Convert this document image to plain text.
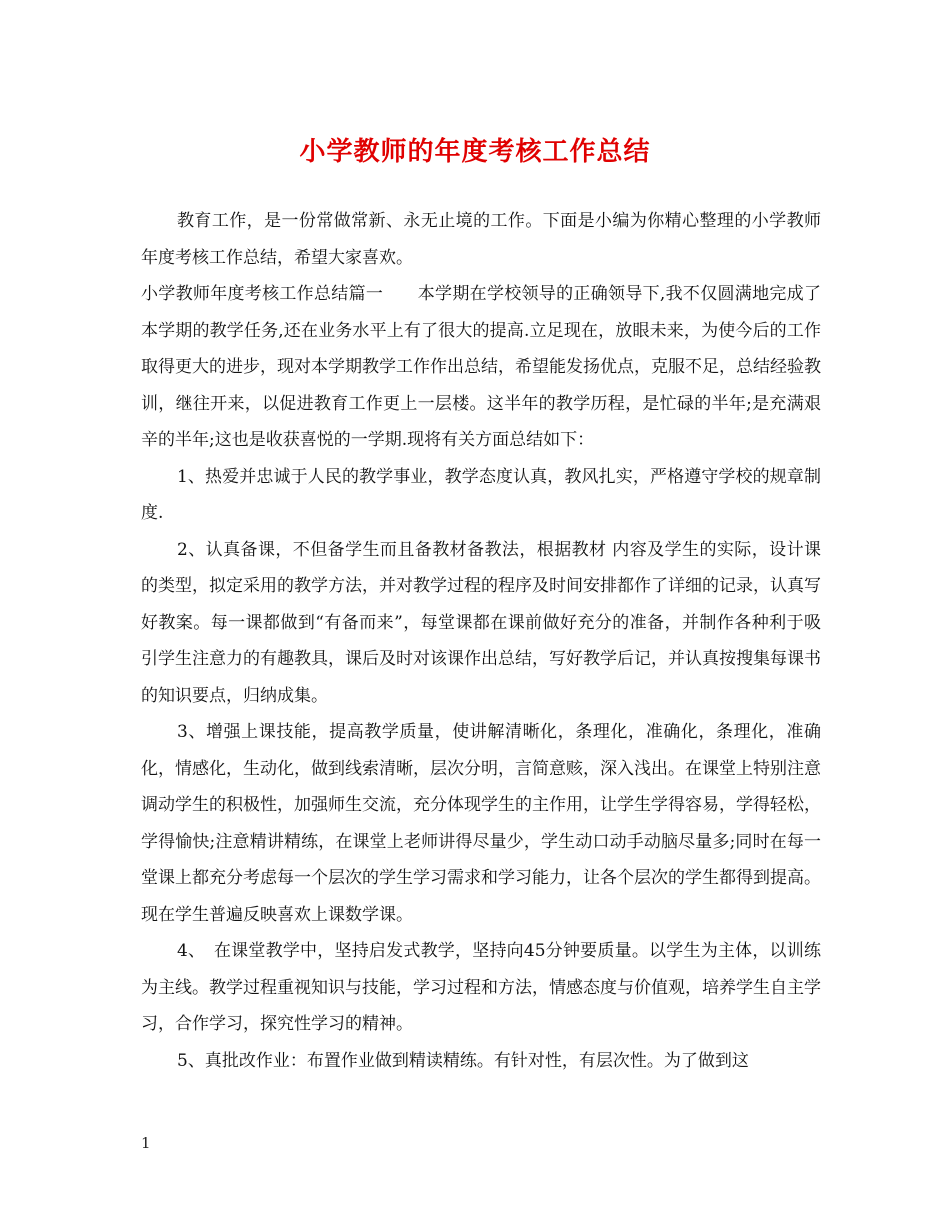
小学教师的年度考核工作总结

教育工作，是一份常做常新、永无止境的工作。下面是小编为你精心整理的小学教师年度考核工作总结，希望大家喜欢。

小学教师年度考核工作总结篇一　　本学期在学校领导的正确领导下,我不仅圆满地完成了本学期的教学任务,还在业务水平上有了很大的提高.立足现在，放眼未来，为使今后的工作取得更大的进步，现对本学期教学工作作出总结，希望能发扬优点，克服不足，总结经验教训，继往开来，以促进教育工作更上一层楼。这半年的教学历程，是忙碌的半年;是充满艰辛的半年;这也是收获喜悦的一学期.现将有关方面总结如下：

1、热爱并忠诚于人民的教学事业，教学态度认真，教风扎实，严格遵守学校的规章制度.

2、认真备课，不但备学生而且备教材备教法，根据教材 内容及学生的实际，设计课的类型，拟定采用的教学方法，并对教学过程的程序及时间安排都作了详细的记录，认真写好教案。每一课都做到“有备而来”，每堂课都在课前做好充分的准备，并制作各种利于吸引学生注意力的有趣教具，课后及时对该课作出总结，写好教学后记，并认真按搜集每课书的知识要点，归纳成集。

3、增强上课技能，提高教学质量，使讲解清晰化，条理化，准确化，条理化，准确化，情感化，生动化，做到线索清晰，层次分明，言简意赅，深入浅出。在课堂上特别注意调动学生的积极性，加强师生交流，充分体现学生的主作用，让学生学得容易，学得轻松，学得愉快;注意精讲精练，在课堂上老师讲得尽量少，学生动口动手动脑尽量多;同时在每一堂课上都充分考虑每一个层次的学生学习需求和学习能力，让各个层次的学生都得到提高。现在学生普遍反映喜欢上课数学课。

4、　在课堂教学中，坚持启发式教学，坚持向45分钟要质量。以学生为主体，以训练为主线。教学过程重视知识与技能，学习过程和方法，情感态度与价值观，培养学生自主学习，合作学习，探究性学习的精神。

5、真批改作业：布置作业做到精读精练。有针对性，有层次性。为了做到这

1
